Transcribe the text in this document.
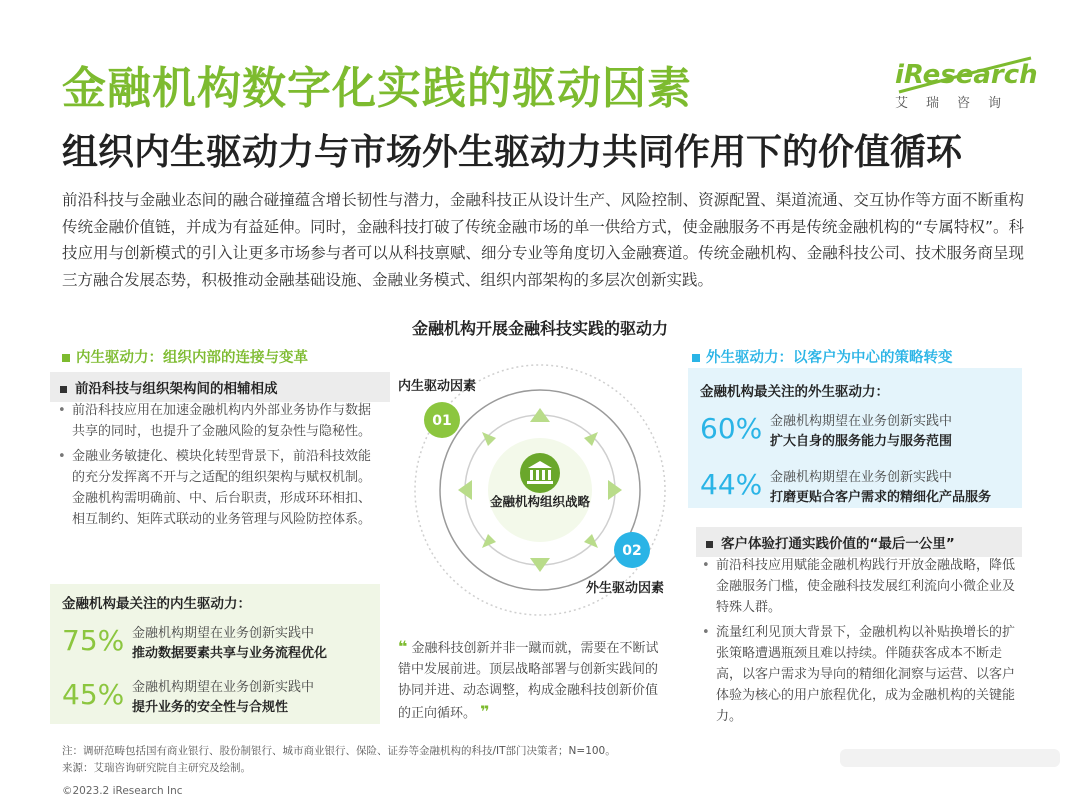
金融机构数字化实践的驱动因素
组织内生驱动力与市场外生驱动力共同作用下的价值循环
iResearch
艾瑞咨询
前沿科技与金融业态间的融合碰撞蕴含增长韧性与潜力，金融科技正从设计生产、风险控制、资源配置、渠道流通、交互协作等方面不断重构传统金融价值链，并成为有益延伸。同时，金融科技打破了传统金融市场的单一供给方式，使金融服务不再是传统金融机构的“专属特权”。科技应用与创新模式的引入让更多市场参与者可以从科技禀赋、细分专业等角度切入金融赛道。传统金融机构、金融科技公司、技术服务商呈现三方融合发展态势，积极推动金融基础设施、金融业务模式、组织内部架构的多层次创新实践。
金融机构开展金融科技实践的驱动力
内生驱动力：组织内部的连接与变革
前沿科技与组织架构间的相辅相成
• 前沿科技应用在加速金融机构内外部业务协作与数据共享的同时，也提升了金融风险的复杂性与隐秘性。
• 金融业务敏捷化、模块化转型背景下，前沿科技效能的充分发挥离不开与之适配的组织架构与赋权机制。金融机构需明确前、中、后台职责，形成环环相扣、相互制约、矩阵式联动的业务管理与风险防控体系。
金融机构最关注的内生驱动力：
75% 金融机构期望在业务创新实践中
推动数据要素共享与业务流程优化
45% 金融机构期望在业务创新实践中
提升业务的安全性与合规性
金融机构组织战略
01
02
内生驱动因素
外生驱动因素
❝ 金融科技创新并非一蹴而就，需要在不断试错中发展前进。顶层战略部署与创新实践间的协同并进、动态调整，构成金融科技创新价值的正向循环。 ❞
外生驱动力：以客户为中心的策略转变
金融机构最关注的外生驱动力：
60% 金融机构期望在业务创新实践中
扩大自身的服务能力与服务范围
44% 金融机构期望在业务创新实践中
打磨更贴合客户需求的精细化产品服务
客户体验打通实践价值的“最后一公里”
• 前沿科技应用赋能金融机构践行开放金融战略，降低金融服务门槛，使金融科技发展红利流向小微企业及特殊人群。
• 流量红利见顶大背景下，金融机构以补贴换增长的扩张策略遭遇瓶颈且难以持续。伴随获客成本不断走高，以客户需求为导向的精细化洞察与运营、以客户体验为核心的用户旅程优化，成为金融机构的关键能力。
注：调研范畴包括国有商业银行、股份制银行、城市商业银行、保险、证券等金融机构的科技/IT部门决策者；N=100。
来源：艾瑞咨询研究院自主研究及绘制。
©2023.2 iResearch Inc
